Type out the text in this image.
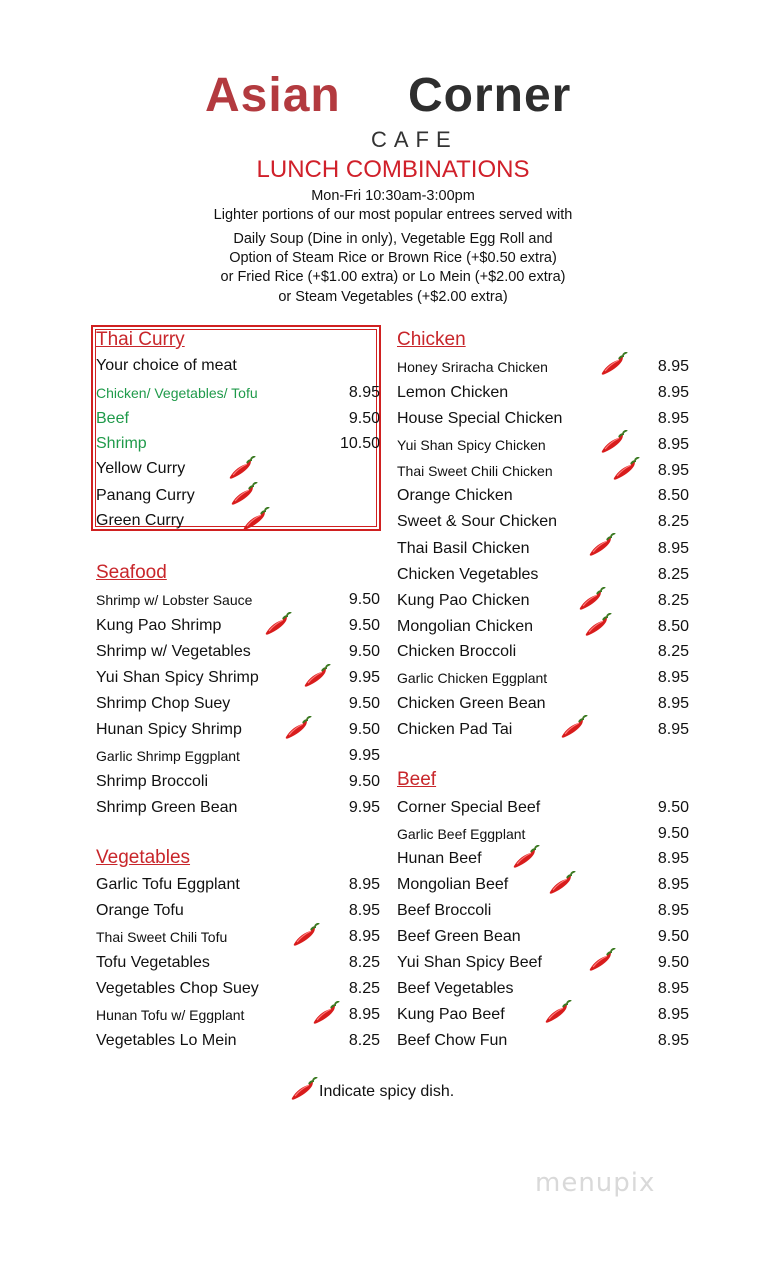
Asian Corner
CAFE
LUNCH COMBINATIONS
Mon-Fri 10:30am-3:00pm
Lighter portions of our most popular entrees served with
Daily Soup (Dine in only), Vegetable Egg Roll and
Option of Steam Rice or Brown Rice (+$0.50 extra)
or Fried Rice (+$1.00 extra) or Lo Mein (+$2.00 extra)
or Steam Vegetables (+$2.00 extra)
Thai Curry
Your choice of meat
Chicken/ Vegetables/ Tofu	8.95
Beef	9.50
Shrimp	10.50
Yellow Curry
Panang Curry
Green Curry
Seafood
Shrimp w/ Lobster Sauce	9.50
Kung Pao Shrimp	9.50
Shrimp w/ Vegetables	9.50
Yui Shan Spicy Shrimp	9.95
Shrimp Chop Suey	9.50
Hunan Spicy Shrimp	9.50
Garlic Shrimp Eggplant	9.95
Shrimp Broccoli	9.50
Shrimp Green Bean	9.95
Vegetables
Garlic Tofu Eggplant	8.95
Orange Tofu	8.95
Thai Sweet Chili Tofu	8.95
Tofu Vegetables	8.25
Vegetables Chop Suey	8.25
Hunan Tofu w/ Eggplant	8.95
Vegetables Lo Mein	8.25
Chicken
Honey Sriracha Chicken	8.95
Lemon Chicken	8.95
House Special Chicken	8.95
Yui Shan Spicy Chicken	8.95
Thai Sweet Chili Chicken	8.95
Orange Chicken	8.50
Sweet & Sour Chicken	8.25
Thai Basil Chicken	8.95
Chicken Vegetables	8.25
Kung Pao Chicken	8.25
Mongolian Chicken	8.50
Chicken Broccoli	8.25
Garlic Chicken Eggplant	8.95
Chicken Green Bean	8.95
Chicken Pad Tai	8.95
Beef
Corner Special Beef	9.50
Garlic Beef Eggplant	9.50
Hunan Beef	8.95
Mongolian Beef	8.95
Beef Broccoli	8.95
Beef Green Bean	9.50
Yui Shan Spicy Beef	9.50
Beef Vegetables	8.95
Kung Pao Beef	8.95
Beef Chow Fun	8.95
Indicate spicy dish.
menupix
